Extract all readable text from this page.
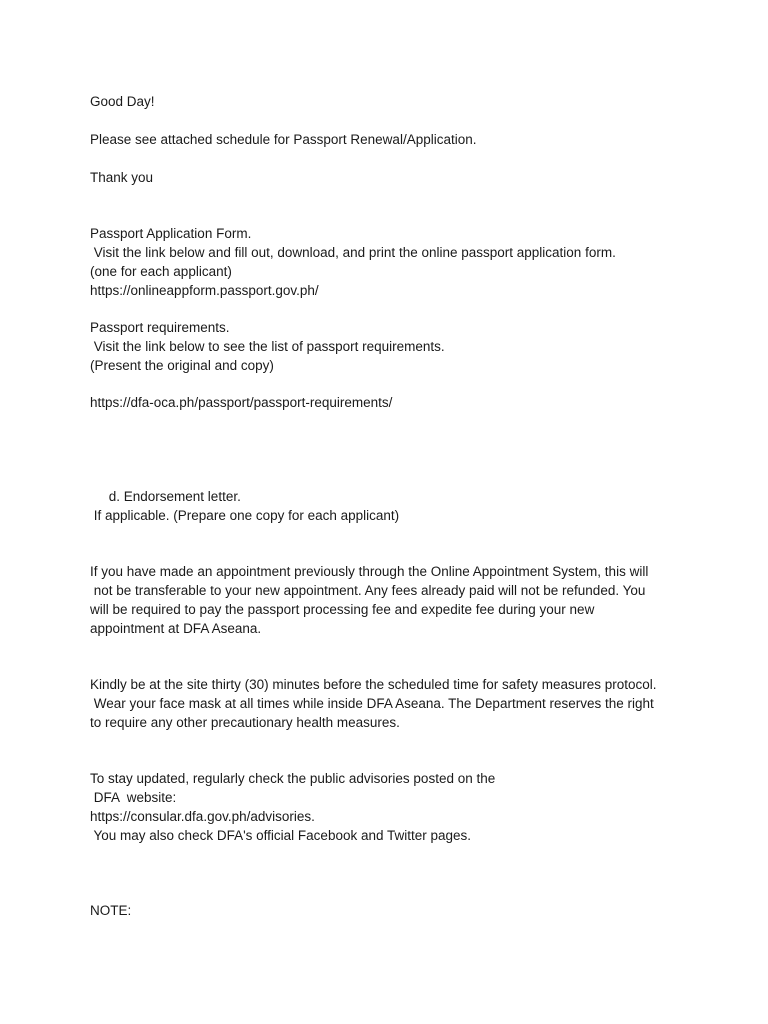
Good Day!
Please see attached schedule for Passport Renewal/Application.
Thank you
Passport Application Form.
Visit the link below and fill out, download, and print the online passport application form.
(one for each applicant)
https://onlineappform.passport.gov.ph/
Passport requirements.
Visit the link below to see the list of passport requirements.
(Present the original and copy)
https://dfa-oca.ph/passport/passport-requirements/
d. Endorsement letter.
If applicable. (Prepare one copy for each applicant)
If you have made an appointment previously through the Online Appointment System, this will
not be transferable to your new appointment. Any fees already paid will not be refunded. You
will be required to pay the passport processing fee and expedite fee during your new
appointment at DFA Aseana.
Kindly be at the site thirty (30) minutes before the scheduled time for safety measures protocol.
Wear your face mask at all times while inside DFA Aseana. The Department reserves the right
to require any other precautionary health measures.
To stay updated, regularly check the public advisories posted on the
DFA  website:
https://consular.dfa.gov.ph/advisories.
You may also check DFA's official Facebook and Twitter pages.
NOTE:
